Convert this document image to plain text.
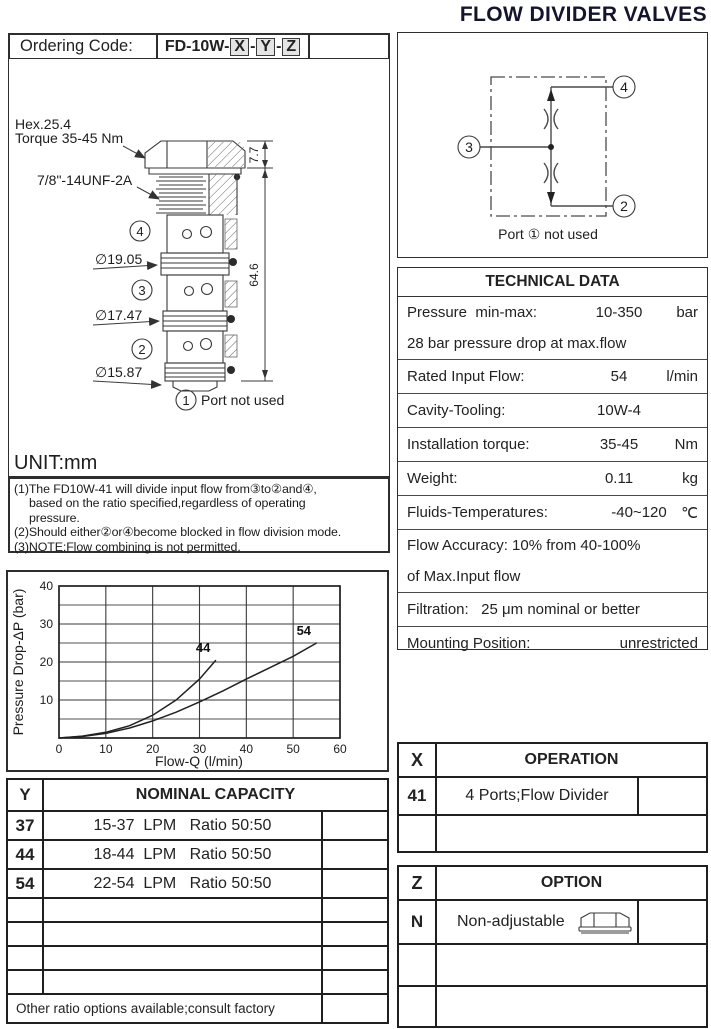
FLOW DIVIDER VALVES
Ordering Code:	FD-10W- X - Y - Z
7.7
64.6
Hex.25.4
Torque 35-45 Nm
7/8"-14UNF-2A
4
∅19.05
3
∅17.47
2
∅15.87
1 Port not used
UNIT:mm
(1)The FD10W-41 will divide input flow from③to②and④,
based on the ratio specified,regardless of operating
pressure.
(2)Should either②or④become blocked in flow division mode.
(3)NOTE:Flow combining is not permitted.
Flow-Q (l/min)
Pressure Drop-ΔP (bar)
0	10	20	30	40	50	60
10
20
30
40
44
54
Y	NOMINAL CAPACITY
37	15-37  LPM   Ratio 50:50
44	18-44  LPM   Ratio 50:50
54	22-54  LPM   Ratio 50:50
Other ratio options available;consult factory
4
3
2
Port ① not used
TECHNICAL DATA
Pressure  min-max:	10-350	bar
28 bar pressure drop at max.flow
Rated Input Flow:	54	l/min
Cavity-Tooling:	10W-4
Installation torque:	35-45	Nm
Weight:	0.11	kg
Fluids-Temperatures:	-40~120 ℃
Flow Accuracy: 10% from 40-100%
of Max.Input flow
Filtration:   25 μm nominal or better
Mounting Position:	unrestricted
X	OPERATION
41	4 Ports;Flow Divider
Z	OPTION
N	Non-adjustable
